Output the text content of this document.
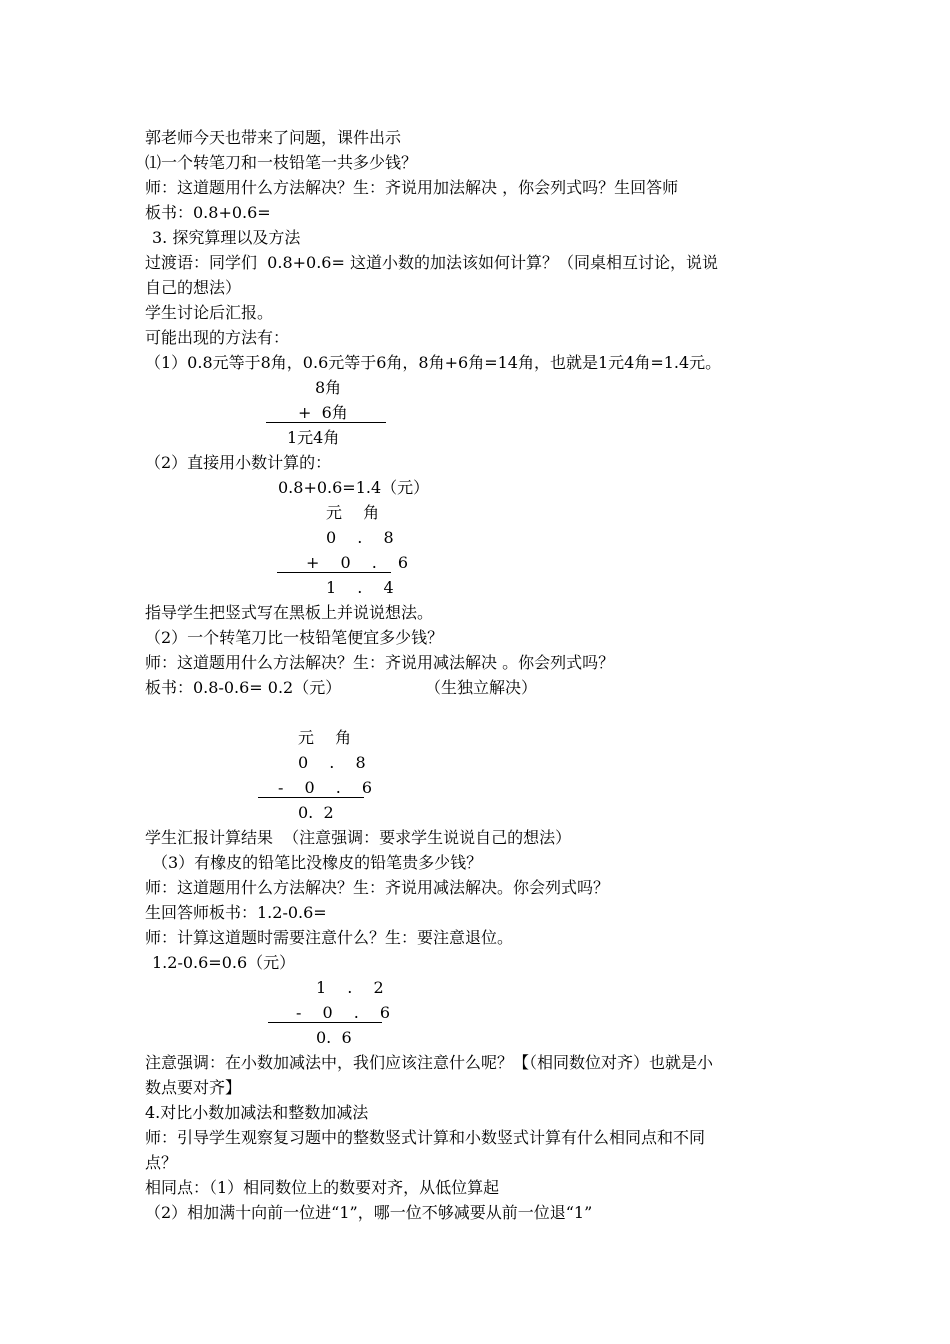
郭老师今天也带来了问题，课件出示
⑴一个转笔刀和一枝铅笔一共多少钱？
师：这道题用什么方法解决？生：齐说用加法解决 ，你会列式吗？生回答师
板书：0.8+0.6=
3. 探究算理以及方法
过渡语：同学们  0.8+0.6= 这道小数的加法该如何计算？（同桌相互讨论，说说
自己的想法）
学生讨论后汇报。
可能出现的方法有：
（1）0.8元等于8角，0.6元等于6角，8角+6角=14角，也就是1元4角=1.4元。
8角
+  6角
1元4角
（2）直接用小数计算的：
0.8+0.6=1.4（元）
元 角
0 . 8
+ 0 . 6
1 . 4
指导学生把竖式写在黑板上并说说想法。
（2）一个转笔刀比一枝铅笔便宜多少钱？
师：这道题用什么方法解决？生：齐说用减法解决 。你会列式吗？
板书：0.8-0.6= 0.2（元）	（生独立解决）
元 角
0 . 8
- 0 . 6
0.  2
学生汇报计算结果  （注意强调：要求学生说说自己的想法）
（3）有橡皮的铅笔比没橡皮的铅笔贵多少钱？
师：这道题用什么方法解决？生：齐说用减法解决。你会列式吗？
生回答师板书：1.2-0.6=
师：计算这道题时需要注意什么？生：要注意退位。
1.2-0.6=0.6（元）
1 . 2
- 0 . 6
0.  6
注意强调：在小数加减法中，我们应该注意什么呢？【（相同数位对齐）也就是小
数点要对齐】
4.对比小数加减法和整数加减法
师：引导学生观察复习题中的整数竖式计算和小数竖式计算有什么相同点和不同
点？
相同点：（1）相同数位上的数要对齐，从低位算起
（2）相加满十向前一位进“1”，哪一位不够减要从前一位退“1”
